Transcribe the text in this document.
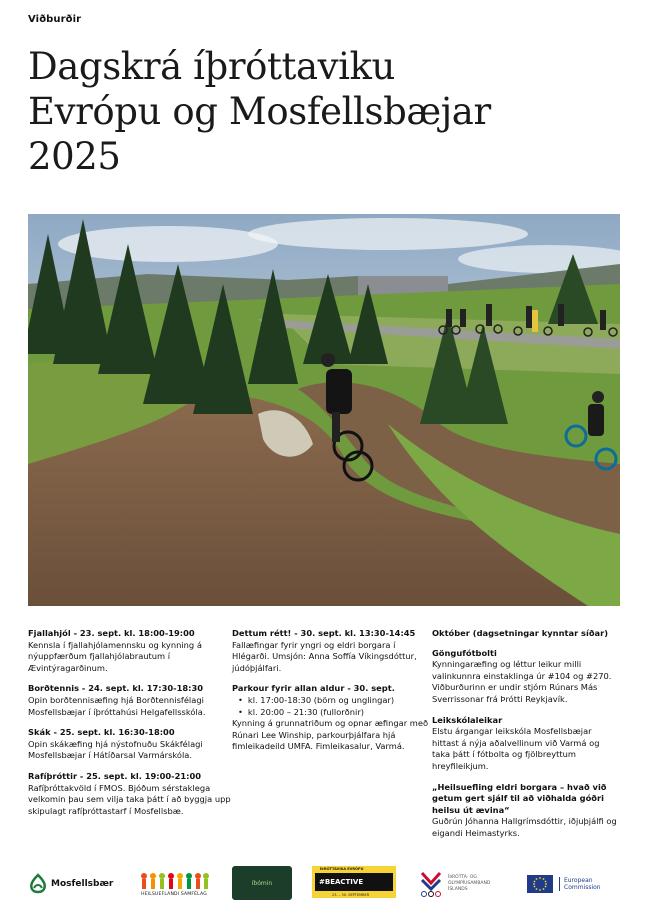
Viðburðir
Dagskrá íþróttaviku
Evrópu og Mosfellsbæjar
2025
Fjallahjól - 23. sept. kl. 18:00-19:00
Kennsla í fjallahjólamennsku og kynning á nýuppfærðum fjallahjólabrautum í Ævintýragarðinum.
Borðtennis - 24. sept. kl. 17:30-18:30
Opin borðtennisæfing hjá Borðtennisfélagi Mosfellsbæjar í íþróttahúsi Helgafellsskóla.
Skák - 25. sept. kl. 16:30-18:00
Opin skákæfing hjá nýstofnuðu Skákfélagi Mosfellsbæjar í Hátíðarsal Varmárskóla.
Rafíþróttir - 25. sept. kl. 19:00-21:00
Rafíþróttakvöld í FMOS. Bjóðum sérstaklega velkomin þau sem vilja taka þátt í að byggja upp skipulagt rafíþróttastarf í Mosfellsbæ.
Dettum rétt! - 30. sept. kl. 13:30-14:45
Fallæfingar fyrir yngri og eldri borgara í Hlégarði. Umsjón: Anna Soffía Víkingsdóttur, júdóþjálfari.
Parkour fyrir allan aldur - 30. sept.
• kl. 17:00-18:30 (börn og unglingar)
• kl. 20:00 – 21:30 (fullorðnir)
Kynning á grunnatriðum og opnar æfingar með Rúnari Lee Winship, parkourþjálfara hjá fimleikadeild UMFA. Fimleikasalur, Varmá.
Október (dagsetningar kynntar síðar)
Göngufótbolti
Kynningaræfing og léttur leikur milli valinkunnra einstaklinga úr #104 og #270. Viðburðurinn er undir stjórn Rúnars Más Sverrissonar frá Þrótti Reykjavík.
Leikskólaleikar
Elstu árgangar leikskóla Mosfellsbæjar hittast á nýja aðalvellinum við Varmá og taka þátt í fótbolta og fjölbreyttum hreyfileikjum.
„Heilsuefling eldri borgara – hvað við getum gert sjálf til að viðhalda góðri heilsu út ævina“
Guðrún Jóhanna Hallgrímsdóttir, iðjuþjálfi og eigandi Heimastyrks.
Mosfellsbær
HEILSUEFLANDI SAMFÉLAG
íbómin
ÍÞRÓTTAVIKA EVRÓPU
#BEACTIVE
23. – 30. SEPTEMBER
ÍÞRÓTTA- OG
ÓLYMPÍUSAMBAND
ÍSLANDS
European
Commission
